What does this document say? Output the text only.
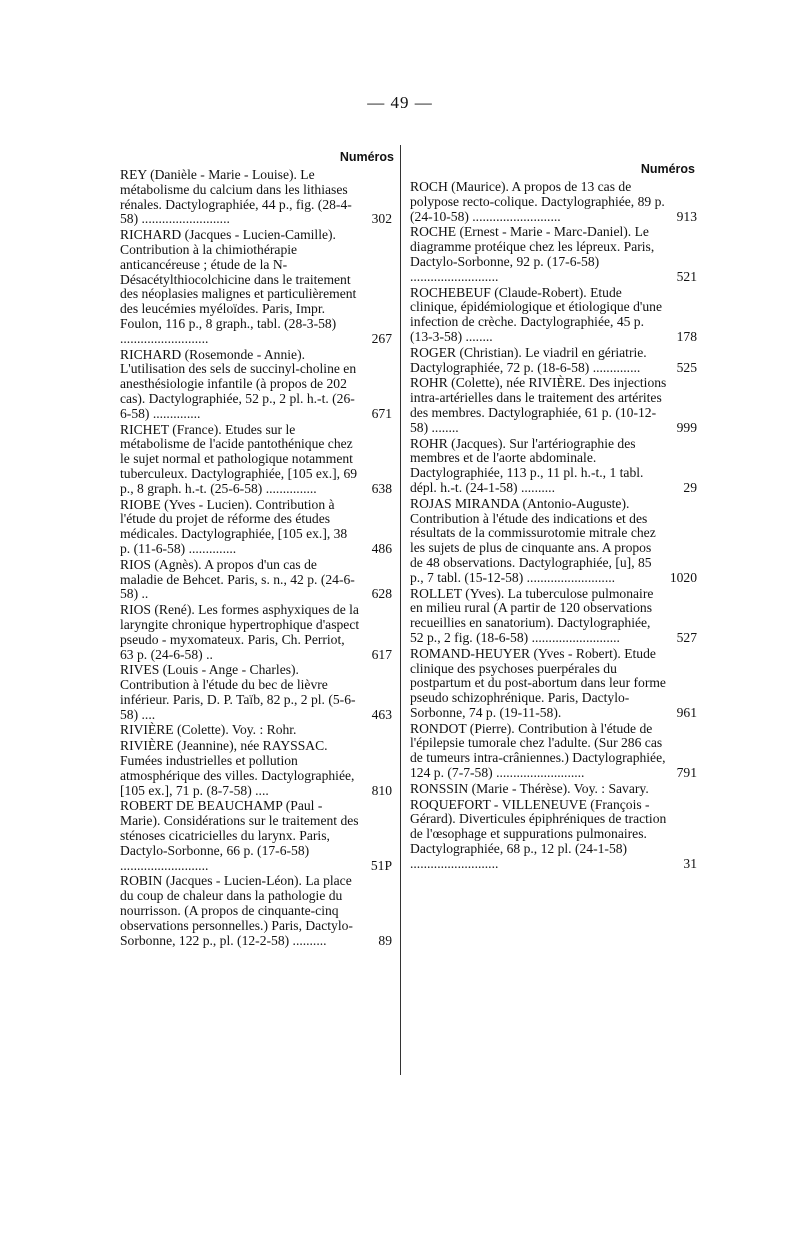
— 49 —
Numéros
REY (Danièle - Marie - Louise). Le métabolisme du calcium dans les lithiases rénales. Dactylographiée, 44 p., fig. (28-4-58) ..........................	302
RICHARD (Jacques - Lucien-Camille). Contribution à la chimiothérapie anticancéreuse ; étude de la N-Désacétylthiocolchicine dans le traitement des néoplasies malignes et particulièrement des leucémies myéloïdes. Paris, Impr. Foulon, 116 p., 8 graph., tabl. (28-3-58) ..........................	267
RICHARD (Rosemonde - Annie). L'utilisation des sels de succinyl-choline en anesthésiologie infantile (à propos de 202 cas). Dactylographiée, 52 p., 2 pl. h.-t. (26-6-58) ..............	671
RICHET (France). Etudes sur le métabolisme de l'acide pantothénique chez le sujet normal et pathologique notamment tuberculeux. Dactylographiée, [105 ex.], 69 p., 8 graph. h.-t. (25-6-58) ...............	638
RIOBE (Yves - Lucien). Contribution à l'étude du projet de réforme des études médicales. Dactylographiée, [105 ex.], 38 p. (11-6-58) ..............	486
RIOS (Agnès). A propos d'un cas de maladie de Behcet. Paris, s. n., 42 p. (24-6-58) ..	628
RIOS (René). Les formes asphyxiques de la laryngite chronique hypertrophique d'aspect pseudo - myxomateux. Paris, Ch. Perriot, 63 p. (24-6-58) ..	617
RIVES (Louis - Ange - Charles). Contribution à l'étude du bec de lièvre inférieur. Paris, D. P. Taïb, 82 p., 2 pl. (5-6-58) ....	463
RIVIÈRE (Colette). Voy. : Rohr.
RIVIÈRE (Jeannine), née RAYSSAC. Fumées industrielles et pollution atmosphérique des villes. Dactylographiée, [105 ex.], 71 p. (8-7-58) ....	810
ROBERT DE BEAUCHAMP (Paul - Marie). Considérations sur le traitement des sténoses cicatricielles du larynx. Paris, Dactylo-Sorbonne, 66 p. (17-6-58) ..........................	51P
ROBIN (Jacques - Lucien-Léon). La place du coup de chaleur dans la pathologie du nourrisson. (A propos de cinquante-cinq observations personnelles.) Paris, Dactylo-Sorbonne, 122 p., pl. (12-2-58) ..........	89
Numéros
ROCH (Maurice). A propos de 13 cas de polypose recto-colique. Dactylographiée, 89 p. (24-10-58) ..........................	913
ROCHE (Ernest - Marie - Marc-Daniel). Le diagramme protéique chez les lépreux. Paris, Dactylo-Sorbonne, 92 p. (17-6-58) ..........................	521
ROCHEBEUF (Claude-Robert). Etude clinique, épidémiologique et étiologique d'une infection de crèche. Dactylographiée, 45 p. (13-3-58) ........	178
ROGER (Christian). Le viadril en gériatrie. Dactylographiée, 72 p. (18-6-58) ..............	525
ROHR (Colette), née RIVIÈRE. Des injections intra-artérielles dans le traitement des artérites des membres. Dactylographiée, 61 p. (10-12-58) ........	999
ROHR (Jacques). Sur l'artériographie des membres et de l'aorte abdominale. Dactylographiée, 113 p., 11 pl. h.-t., 1 tabl. dépl. h.-t. (24-1-58) ..........	29
ROJAS MIRANDA (Antonio-Auguste). Contribution à l'étude des indications et des résultats de la commissurotomie mitrale chez les sujets de plus de cinquante ans. A propos de 48 observations. Dactylographiée, [u], 85 p., 7 tabl. (15-12-58) ..........................	1020
ROLLET (Yves). La tuberculose pulmonaire en milieu rural (A partir de 120 observations recueillies en sanatorium). Dactylographiée, 52 p., 2 fig. (18-6-58) ..........................	527
ROMAND-HEUYER (Yves - Robert). Etude clinique des psychoses puerpérales du postpartum et du post-abortum dans leur forme pseudo schizophrénique. Paris, Dactylo-Sorbonne, 74 p. (19-11-58).	961
RONDOT (Pierre). Contribution à l'étude de l'épilepsie tumorale chez l'adulte. (Sur 286 cas de tumeurs intra-crâniennes.) Dactylographiée, 124 p. (7-7-58) ..........................	791
RONSSIN (Marie - Thérèse). Voy. : Savary.
ROQUEFORT - VILLENEUVE (François - Gérard). Diverticules épiphréniques de traction de l'œsophage et suppurations pulmonaires. Dactylographiée, 68 p., 12 pl. (24-1-58) ..........................	31
